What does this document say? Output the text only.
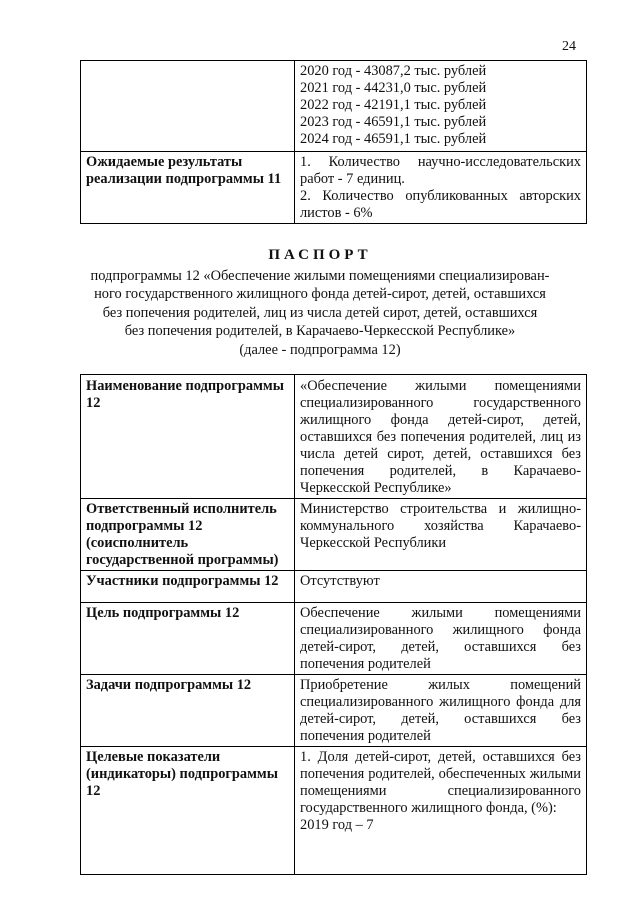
24

	2020 год - 43087,2 тыс. рублей
2021 год - 44231,0 тыс. рублей
2022 год - 42191,1 тыс. рублей
2023 год - 46591,1 тыс. рублей
2024 год - 46591,1 тыс. рублей

Ожидаемые результаты реализации подпрограммы 11	1. Количество научно-исследовательских работ - 7 единиц.
2. Количество опубликованных авторских листов - 6%
ПАСПОРТ
подпрограммы 12 «Обеспечение жилыми помещениями специализирован-
ного государственного жилищного фонда детей-сирот, детей, оставшихся
без попечения родителей, лиц из числа детей сирот, детей, оставшихся
без попечения родителей, в Карачаево-Черкесской Республике»
(далее - подпрограмма 12)
Наименование подпрограммы 12	«Обеспечение жилыми помещениями специализированного государственного жилищного фонда детей-сирот, детей, оставшихся без попечения родителей, лиц из числа детей сирот, детей, оставшихся без попечения родителей, в Карачаево-Черкесской Республике»
Ответственный исполнитель подпрограммы 12 (соисполнитель государственной программы)	Министерство строительства и жилищно-коммунального хозяйства Карачаево-Черкесской Республики
Участники подпрограммы 12	Отсутствуют
Цель подпрограммы 12	Обеспечение жилыми помещениями специализированного жилищного фонда детей-сирот, детей, оставшихся без попечения родителей
Задачи подпрограммы 12	Приобретение жилых помещений специализированного жилищного фонда для детей-сирот, детей, оставшихся без попечения родителей
Целевые показатели (индикаторы) подпрограммы 12	1. Доля детей-сирот, детей, оставшихся без попечения родителей, обеспеченных жилыми помещениями специализированного государственного жилищного фонда, (%):
2019 год – 7
